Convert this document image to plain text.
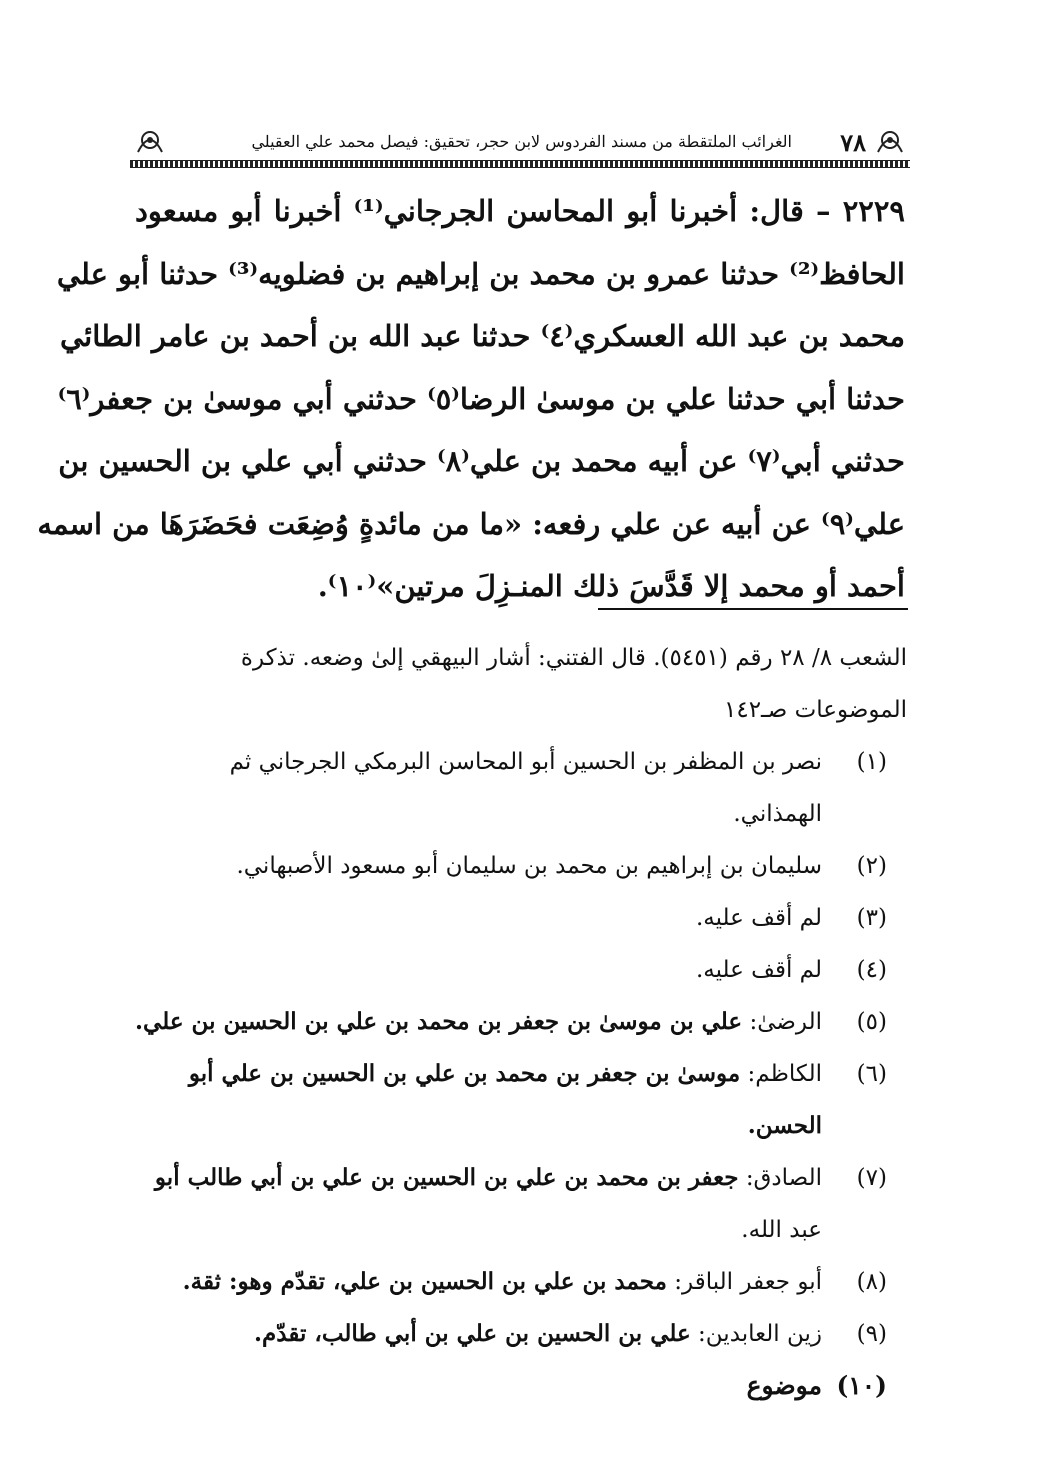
٧٨
الغرائب الملتقطة من مسند الفردوس لابن حجر، تحقيق: فيصل محمد علي العقيلي
٢٢٢٩ – قال: أخبرنا أبو المحاسن الجرجاني⁽¹⁾ أخبرنا أبو مسعود
الحافظ⁽²⁾ حدثنا عمرو بن محمد بن إبراهيم بن فضلويه⁽³⁾ حدثنا أبو علي
محمد بن عبد الله العسكري⁽٤⁾ حدثنا عبد الله بن أحمد بن عامر الطائي
حدثنا أبي حدثنا علي بن موسىٰ الرضا⁽٥⁾ حدثني أبي موسىٰ بن جعفر⁽٦⁾
حدثني أبي⁽٧⁾ عن أبيه محمد بن علي⁽٨⁾ حدثني أبي علي بن الحسين بن
علي⁽٩⁾ عن أبيه عن علي رفعه: «ما من مائدةٍ وُضِعَت فحَضَرَهَا من اسمه
أحمد أو محمد إلا قَدَّسَ ذلك المنـزِلَ مرتين»⁽١٠⁾.
الشعب ٨/ ٢٨ رقم (٥٤٥١). قال الفتني: أشار البيهقي إلىٰ وضعه. تذكرة
الموضوعات صـ١٤٢
(١)
نصر بن المظفر بن الحسين أبو المحاسن البرمكي الجرجاني ثم الهمذاني.
(٢)
سليمان بن إبراهيم بن محمد بن سليمان أبو مسعود الأصبهاني.
(٣)
لم أقف عليه.
(٤)
لم أقف عليه.
(٥)
الرضىٰ: علي بن موسىٰ بن جعفر بن محمد بن علي بن الحسين بن علي.
(٦)
الكاظم: موسىٰ بن جعفر بن محمد بن علي بن الحسين بن علي أبو الحسن.
(٧)
الصادق: جعفر بن محمد بن علي بن الحسين بن علي بن أبي طالب أبو
عبد الله.
(٨)
أبو جعفر الباقر: محمد بن علي بن الحسين بن علي، تقدّم وهو: ثقة.
(٩)
زين العابدين: علي بن الحسين بن علي بن أبي طالب، تقدّم.
(١٠)
موضوع
